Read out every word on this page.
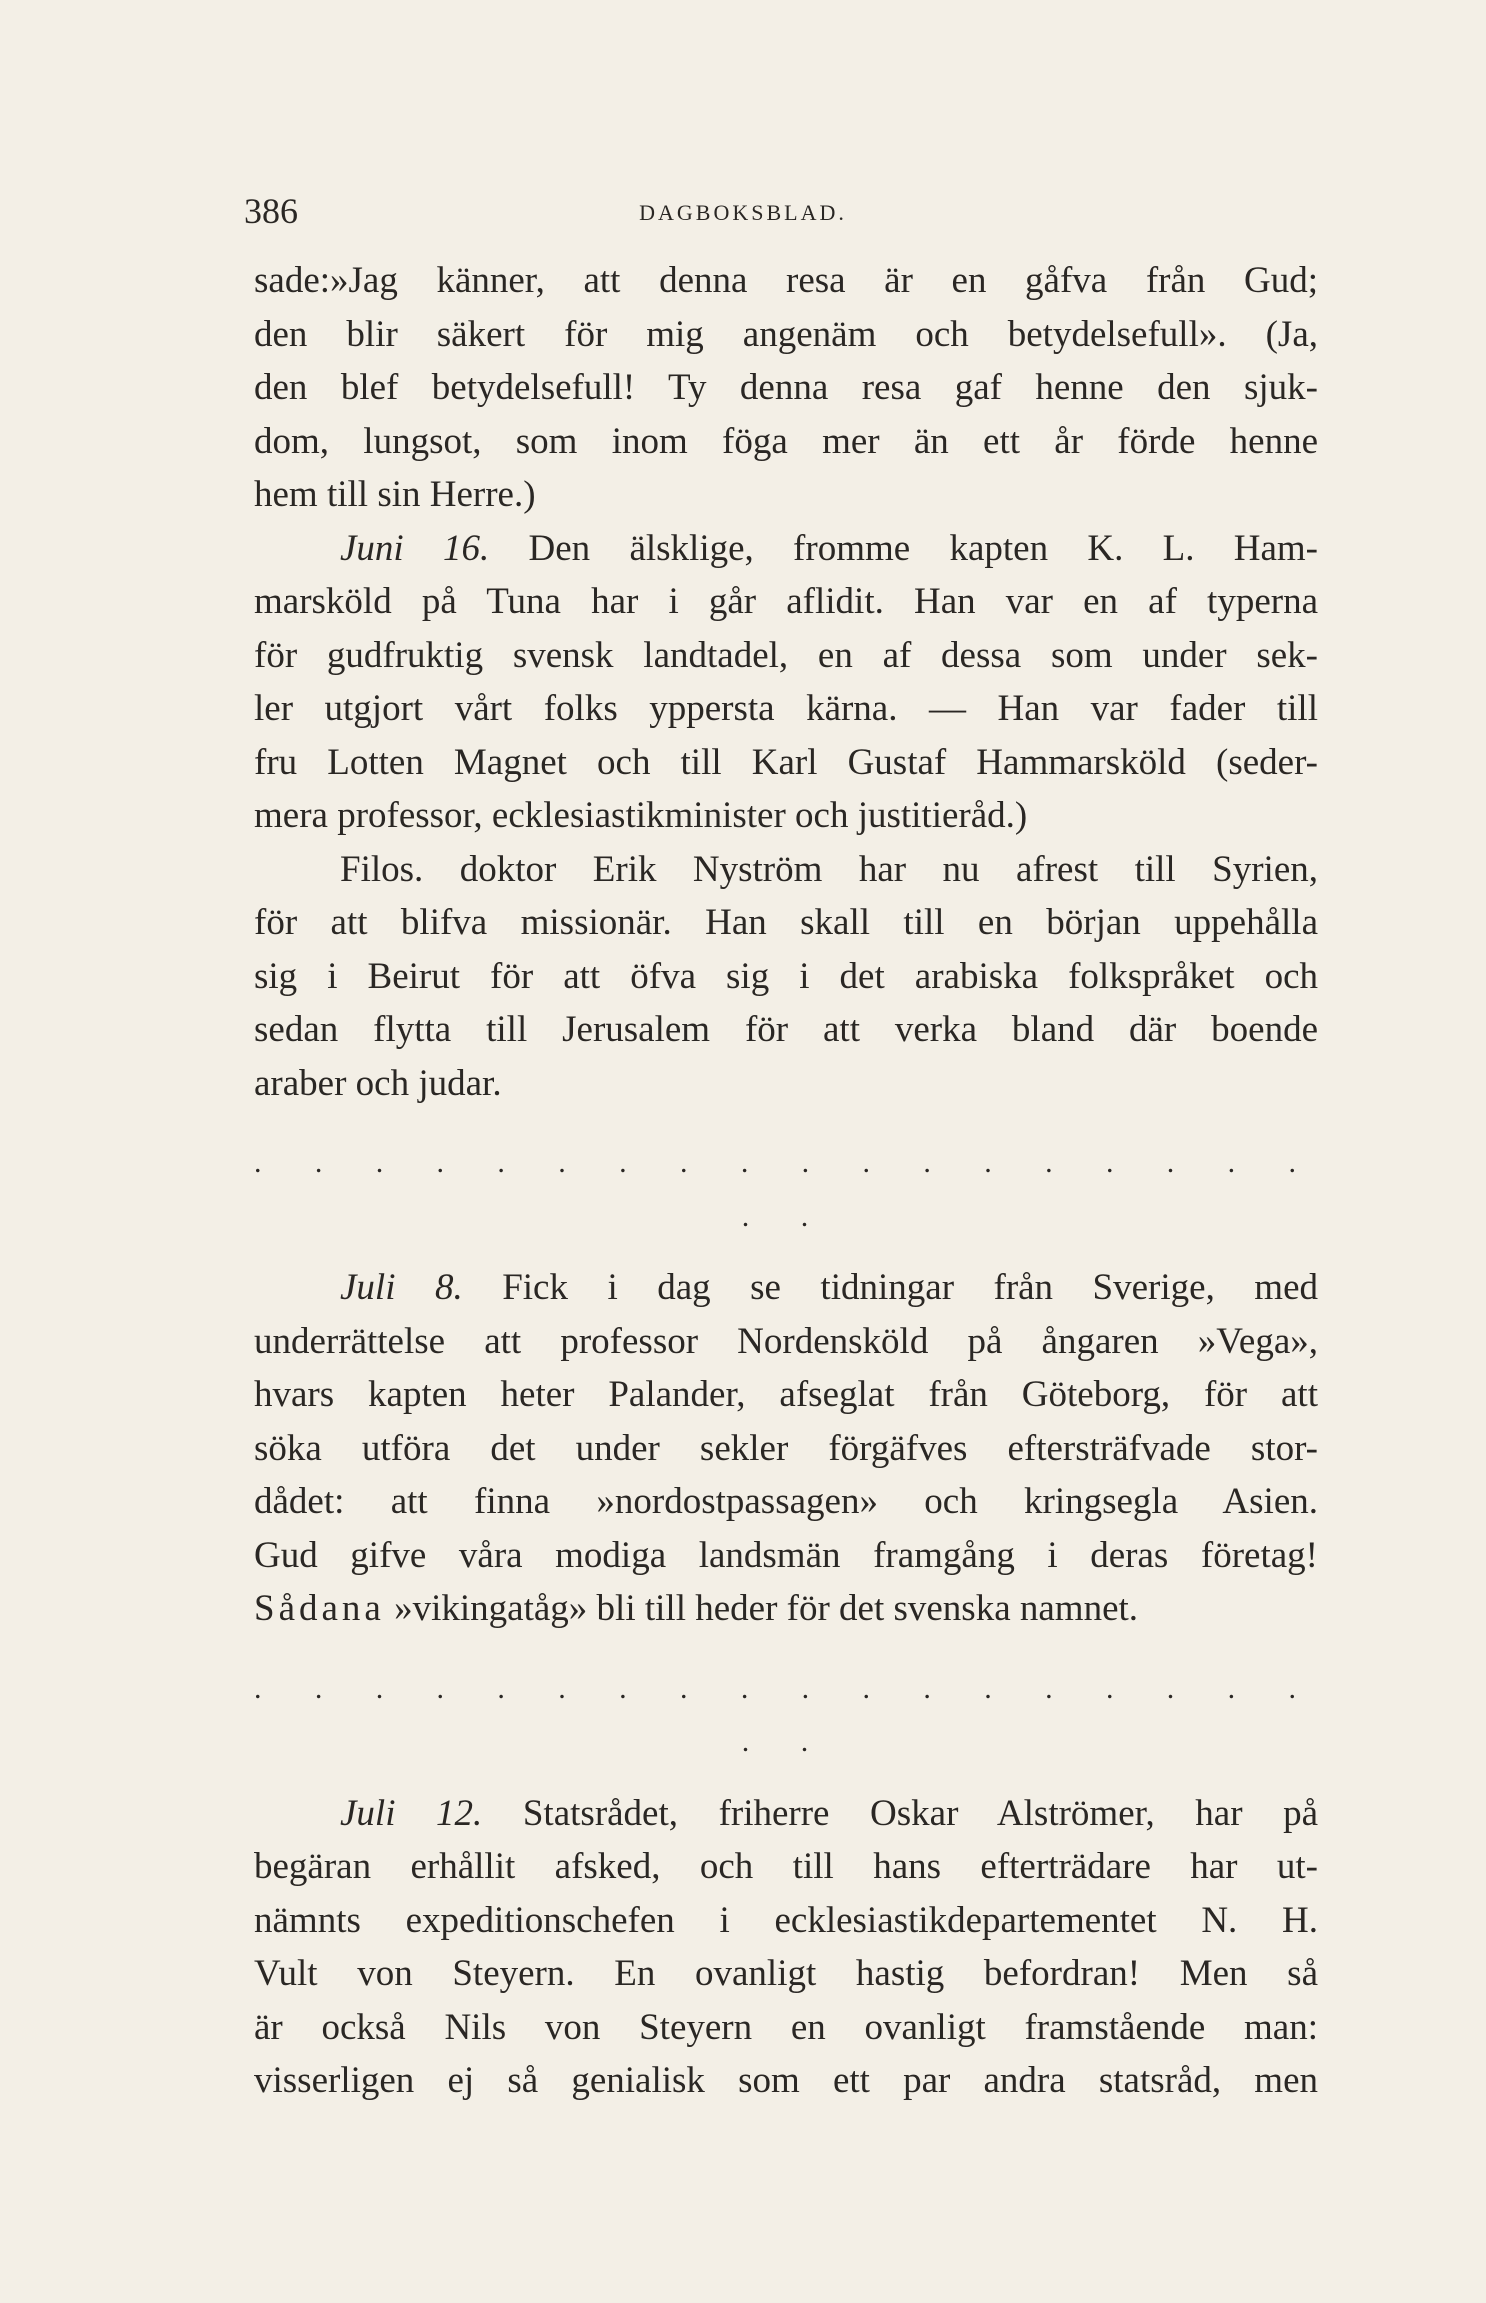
386	DAGBOKSBLAD.

sade:»Jag känner, att denna resa är en gåfva från Gud;

den blir säkert för mig angenäm och betydelsefull». (Ja,

den blef betydelsefull! Ty denna resa gaf henne den sjuk-

dom, lungsot, som inom föga mer än ett år förde henne

hem till sin Herre.)

Juni 16. Den älsklige, fromme kapten K. L. Ham-

marsköld på Tuna har i går aflidit. Han var en af typerna

för gudfruktig svensk landtadel, en af dessa som under sek-

ler utgjort vårt folks yppersta kärna. — Han var fader till

fru Lotten Magnet och till Karl Gustaf Hammarsköld (seder-

mera professor, ecklesiastikminister och justitieråd.)

Filos. doktor Erik Nyström har nu afrest till Syrien,

för att blifva missionär. Han skall till en början uppehålla

sig i Beirut för att öfva sig i det arabiska folkspråket och

sedan flytta till Jerusalem för att verka bland där boende

araber och judar.

. . . . . . . . . . . . . . . . . . . .

Juli 8. Fick i dag se tidningar från Sverige, med

underrättelse att professor Nordensköld på ångaren »Vega»,

hvars kapten heter Palander, afseglat från Göteborg, för att

söka utföra det under sekler förgäfves eftersträfvade stor-

dådet: att finna »nordostpassagen» och kringsegla Asien.

Gud gifve våra modiga landsmän framgång i deras företag!

Sådana »vikingatåg» bli till heder för det svenska namnet.

. . . . . . . . . . . . . . . . . . . .

Juli 12. Statsrådet, friherre Oskar Alströmer, har på

begäran erhållit afsked, och till hans efterträdare har ut-

nämnts expeditionschefen i ecklesiastikdepartementet N. H.

Vult von Steyern. En ovanligt hastig befordran! Men så

är också Nils von Steyern en ovanligt framstående man:

visserligen ej så genialisk som ett par andra statsråd, men
